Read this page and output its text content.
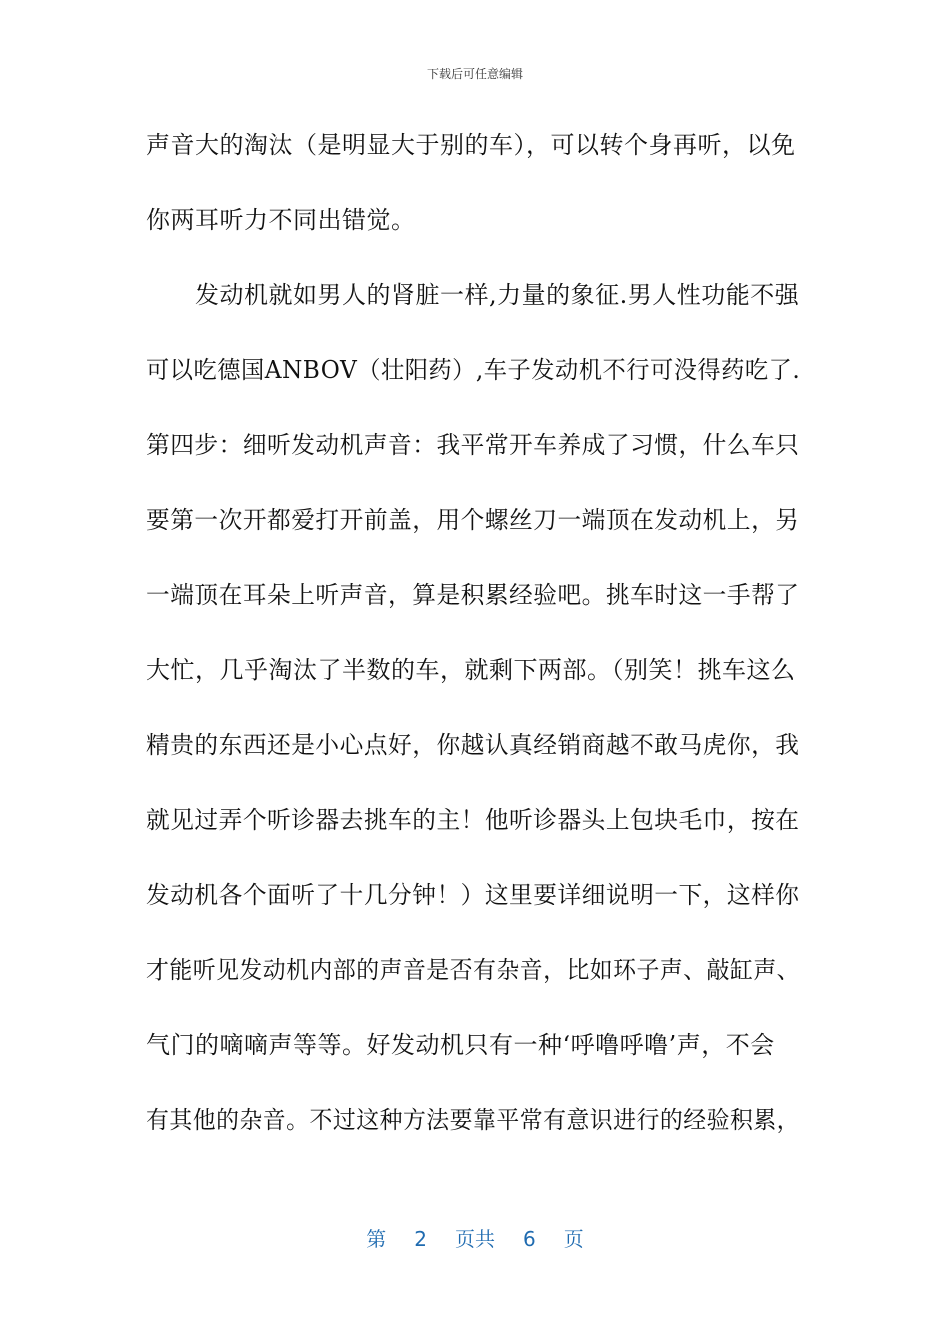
下载后可任意编辑
声音大的淘汰（是明显大于别的车），可以转个身再听，以免
你两耳听力不同出错觉。
　　发动机就如男人的肾脏一样,力量的象征.男人性功能不强
可以吃德国ANBOV（壮阳药）,车子发动机不行可没得药吃了.
第四步：细听发动机声音：我平常开车养成了习惯，什么车只
要第一次开都爱打开前盖，用个螺丝刀一端顶在发动机上，另
一端顶在耳朵上听声音，算是积累经验吧。挑车时这一手帮了
大忙，几乎淘汰了半数的车，就剩下两部。（别笑！挑车这么
精贵的东西还是小心点好，你越认真经销商越不敢马虎你，我
就见过弄个听诊器去挑车的主！他听诊器头上包块毛巾，按在
发动机各个面听了十几分钟！）这里要详细说明一下，这样你
才能听见发动机内部的声音是否有杂音，比如环子声、敲缸声、
气门的嘀嘀声等等。好发动机只有一种‘呼噜呼噜’声，不会
有其他的杂音。不过这种方法要靠平常有意识进行的经验积累，
第 2 页共 6 页
